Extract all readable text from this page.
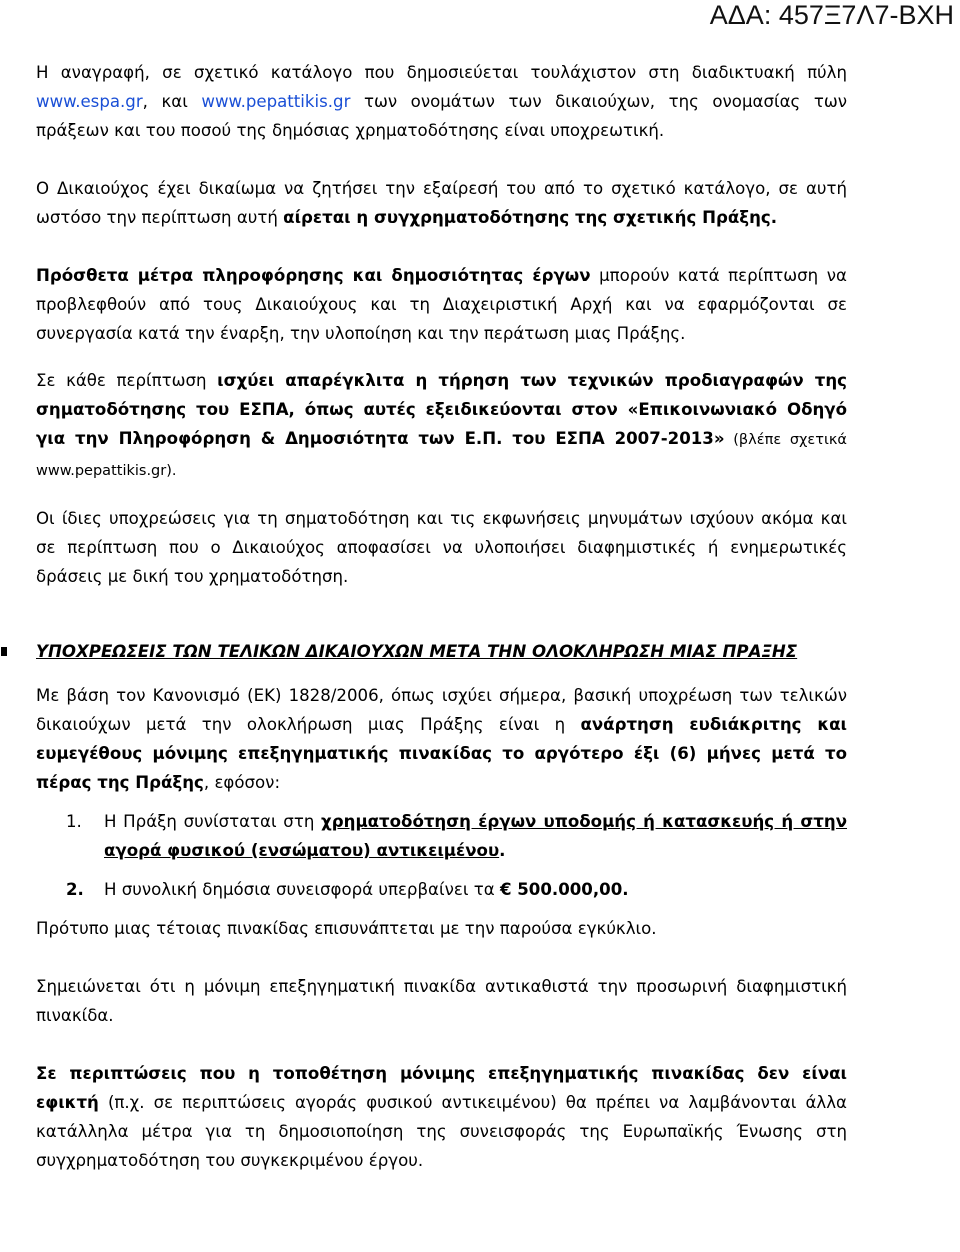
ΑΔΑ: 457Ξ7Λ7-ΒΧΗ

Η αναγραφή, σε σχετικό κατάλογο που δημοσιεύεται τουλάχιστον στη διαδικτυακή πύλη www.espa.gr, και www.pepattikis.gr των ονομάτων των δικαιούχων, της ονομασίας των πράξεων και του ποσού της δημόσιας χρηματοδότησης είναι υποχρεωτική.

Ο Δικαιούχος έχει δικαίωμα να ζητήσει την εξαίρεσή του από το σχετικό κατάλογο, σε αυτή ωστόσο την περίπτωση αυτή αίρεται η συγχρηματοδότησης της σχετικής Πράξης.

Πρόσθετα μέτρα πληροφόρησης και δημοσιότητας έργων μπορούν κατά περίπτωση να προβλεφθούν από τους Δικαιούχους και τη Διαχειριστική Αρχή και να εφαρμόζονται σε συνεργασία κατά την έναρξη, την υλοποίηση και την περάτωση μιας Πράξης.

Σε κάθε περίπτωση ισχύει απαρέγκλιτα η τήρηση των τεχνικών προδιαγραφών της σηματοδότησης του ΕΣΠΑ, όπως αυτές εξειδικεύονται στον «Επικοινωνιακό Οδηγό για την Πληροφόρηση & Δημοσιότητα των Ε.Π. του ΕΣΠΑ 2007-2013» (βλέπε σχετικά www.pepattikis.gr).

Οι ίδιες υποχρεώσεις για τη σηματοδότηση και τις εκφωνήσεις μηνυμάτων ισχύουν ακόμα και σε περίπτωση που ο Δικαιούχος αποφασίσει να υλοποιήσει διαφημιστικές ή ενημερωτικές δράσεις με δική του χρηματοδότηση.

ΥΠΟΧΡΕΩΣΕΙΣ ΤΩΝ ΤΕΛΙΚΩΝ ΔΙΚΑΙΟΥΧΩΝ ΜΕΤΑ ΤΗΝ ΟΛΟΚΛΗΡΩΣΗ ΜΙΑΣ ΠΡΑΞΗΣ

Με βάση τον Κανονισμό (ΕΚ) 1828/2006, όπως ισχύει σήμερα, βασική υποχρέωση των τελικών δικαιούχων μετά την ολοκλήρωση μιας Πράξης είναι η ανάρτηση ευδιάκριτης και ευμεγέθους μόνιμης επεξηγηματικής πινακίδας το αργότερο έξι (6) μήνες μετά το πέρας της Πράξης, εφόσον:

1. Η Πράξη συνίσταται στη χρηματοδότηση έργων υποδομής ή κατασκευής ή στην αγορά φυσικού (ενσώματου) αντικειμένου.
2. Η συνολική δημόσια συνεισφορά υπερβαίνει τα € 500.000,00.

Πρότυπο μιας τέτοιας πινακίδας επισυνάπτεται με την παρούσα εγκύκλιο.

Σημειώνεται ότι η μόνιμη επεξηγηματική πινακίδα αντικαθιστά την προσωρινή διαφημιστική πινακίδα.

Σε περιπτώσεις που η τοποθέτηση μόνιμης επεξηγηματικής πινακίδας δεν είναι εφικτή (π.χ. σε περιπτώσεις αγοράς φυσικού αντικειμένου) θα πρέπει να λαμβάνονται άλλα κατάλληλα μέτρα για τη δημοσιοποίηση της συνεισφοράς της Ευρωπαϊκής Ένωσης στη συγχρηματοδότηση του συγκεκριμένου έργου.
